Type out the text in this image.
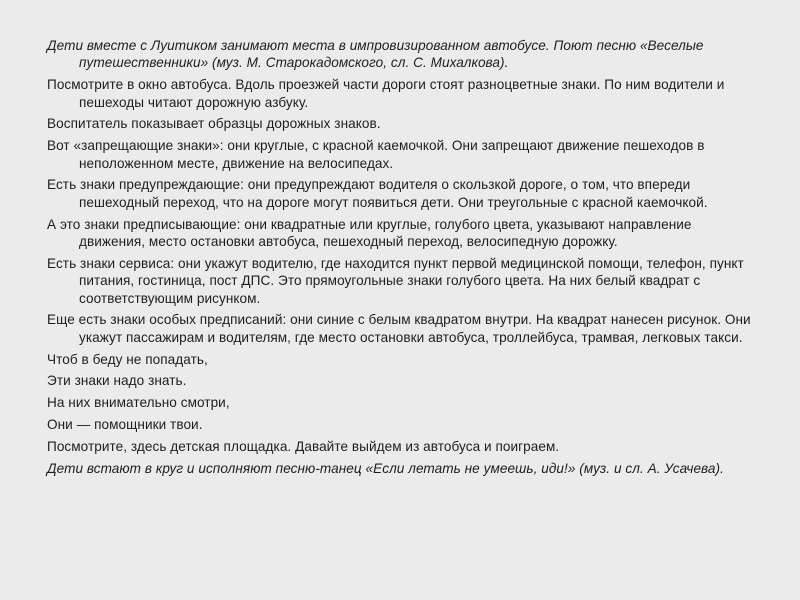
Дети вместе с Луитиком занимают места в импровизированном автобусе. Поют песню «Веселые путешественники» (муз. М. Старокадомского, сл. С. Михалкова).

Посмотрите в окно автобуса. Вдоль проезжей части дороги стоят разноцветные знаки. По ним водители и пешеходы читают дорожную азбуку.

Воспитатель показывает образцы дорожных знаков.

Вот «запрещающие знаки»: они круглые, с красной каемочкой. Они запрещают движение пешеходов в неположенном месте, движение на велосипедах.

Есть знаки предупреждающие: они предупреждают водителя о скользкой дороге, о том, что впереди пешеходный переход, что на дороге могут появиться дети. Они треугольные с красной каемочкой.

А это знаки предписывающие: они квадратные или круглые, голубого цвета, указывают направление движения, место остановки автобуса, пешеходный переход, велосипедную дорожку.

Есть знаки сервиса: они укажут водителю, где находится пункт первой медицинской помощи, телефон, пункт питания, гостиница, пост ДПС. Это прямоугольные знаки голубого цвета. На них белый квадрат с соответствующим рисунком.

Еще есть знаки особых предписаний: они синие с белым квадратом внутри. На квадрат нанесен рисунок. Они укажут пассажирам и водителям, где место остановки автобуса, троллейбуса, трамвая, легковых такси.

Чтоб в беду не попадать,

Эти знаки надо знать.

На них внимательно смотри,

Они — помощники твои.

Посмотрите, здесь детская площадка. Давайте выйдем из автобуса и поиграем.

Дети встают в круг и исполняют песню-танец «Если летать не умеешь, иди!» (муз. и сл. А. Усачева).
